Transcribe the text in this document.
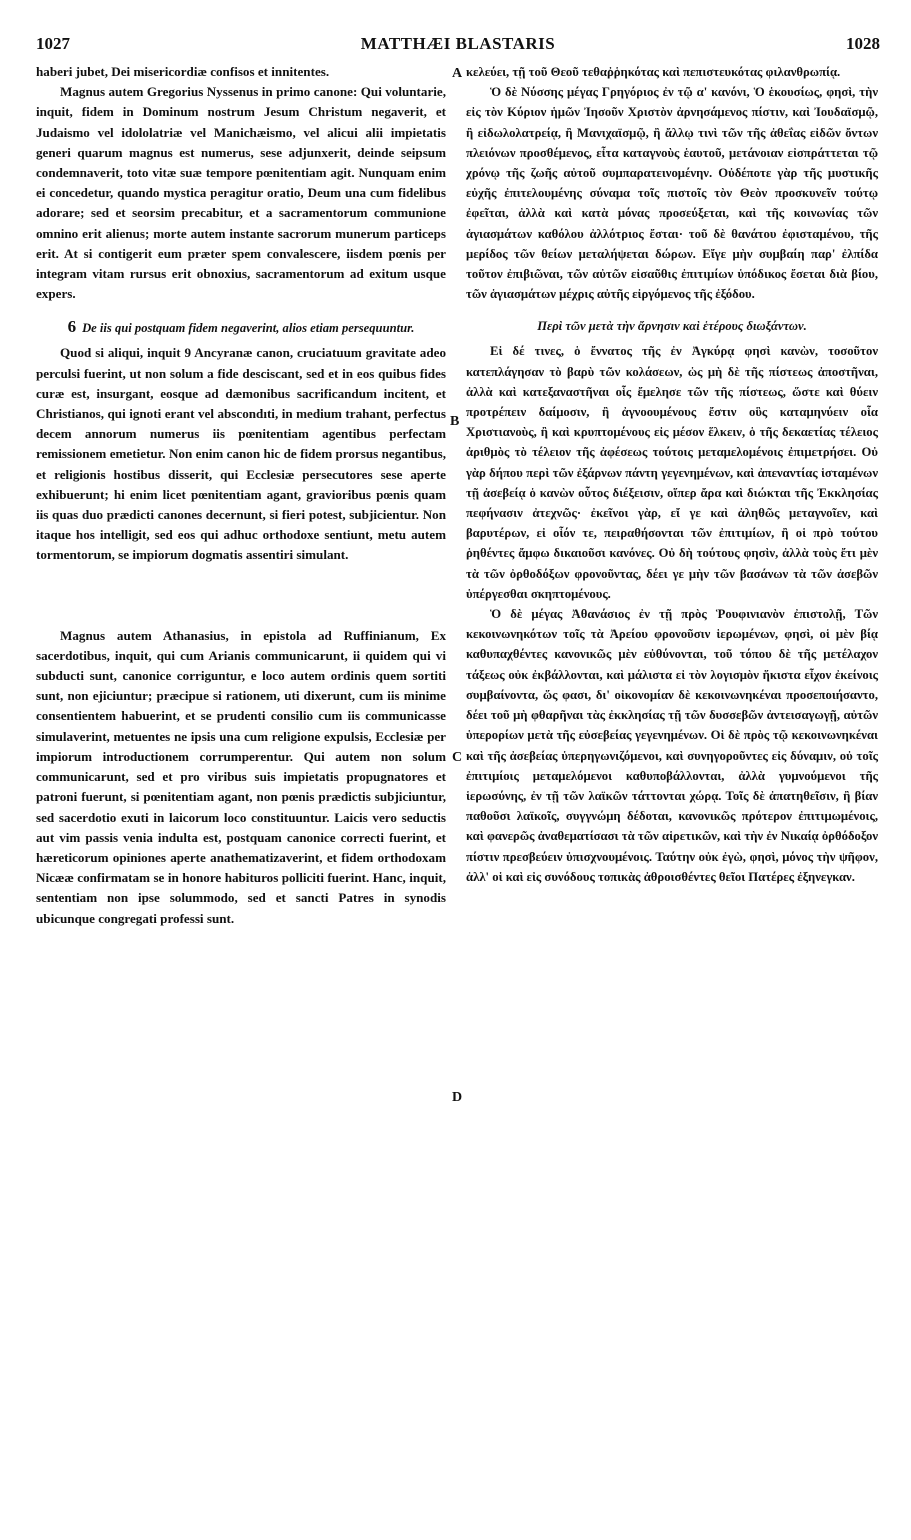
1027	MATTHÆI BLASTARIS	1028

haberi jubet, Dei misericordiæ confisos et innitentes.

Magnus autem Gregorius Nyssenus in primo canone: Qui voluntarie, inquit, fidem in Dominum nostrum Jesum Christum negaverit, et Judaismo vel idololatriæ vel Manichæismo, vel alicui alii impietatis generi quarum magnus est numerus, sese adjunxerit, deinde seipsum condemnaverit, toto vitæ suæ tempore pœnitentiam agit. Nunquam enim ei concedetur, quando mystica peragitur oratio, Deum una cum fidelibus adorare; sed et seorsim precabitur, et a sacramentorum communione omnino erit alienus; morte autem instante sacrorum munerum particeps erit. At si contigerit eum præter spem convalescere, iisdem pœnis per integram vitam rursus erit obnoxius, sacramentorum ad exitum usque expers.

6 De iis qui postquam fidem negaverint, alios etiam persequuntur.

Quod si aliqui, inquit 9 Ancyranæ canon, cruciatuum gravitate adeo perculsi fuerint, ut non solum a fide desciscant, sed et in eos quibus fides curæ est, insurgant, eosque ad dæmonibus sacrificandum incitent, et Christianos, qui ignoti erant vel abscondıti, in medium trahant, perfectus decem annorum numerus iis pœnitentiam agentibus perfectam remissionem emetietur. Non enim canon hic de fidem prorsus negantibus, et religionis hostibus disserit, qui Ecclesiæ persecutores sese aperte exhibuerunt; hi enim licet pœnitentiam agant, gravioribus pœnis quam iis quas duo prædicti canones decernunt, si fieri potest, subjicientur. Non itaque hos intelligit, sed eos qui adhuc orthodoxe sentiunt, metu autem tormentorum, se impiorum dogmatis assentiri simulant.

Magnus autem Athanasius, in epistola ad Ruffinianum, Ex sacerdotibus, inquit, qui cum Arianis communicarunt, ii quidem qui vi subducti sunt, canonice corriguntur, e loco autem ordinis quem sortiti sunt, non ejiciuntur; præcipue si rationem, uti dixerunt, cum iis minime consentientem habuerint, et se prudenti consilio cum iis communicasse simulaverint, metuentes ne ipsis una cum religione expulsis, Ecclesiæ per impiorum introductionem corrumperentur. Qui autem non solum communicarunt, sed et pro viribus suis impietatis propugnatores et patroni fuerunt, si pœnitentiam agant, non pœnis prædictis subjiciuntur, sed sacerdotio exuti in laicorum loco constituuntur. Laicis vero seductis aut vim passis venia indulta est, postquam canonice correcti fuerint, et hæreticorum opiniones aperte anathematizaverint, et fidem orthodoxam Nicææ confirmatam se in honore habituros polliciti fuerint. Hanc, inquit, sententiam non ipse solummodo, sed et sancti Patres in synodis ubicunque congregati professi sunt.

κελεύει, τῇ τοῦ Θεοῦ τεθαῤῥηκότας καὶ πεπιστευκότας φιλανθρωπίᾳ.

Ὁ δὲ Νύσσης μέγας Γρηγόριος ἐν τῷ α' κανόνι, Ὁ ἑκουσίως, φησὶ, τὴν εἰς τὸν Κύριον ἡμῶν Ἰησοῦν Χριστὸν ἀρνησάμενος πίστιν, καὶ Ἰουδαϊσμῷ, ἢ εἰδωλολατρείᾳ, ἢ Μανιχαϊσμῷ, ἢ ἄλλῳ τινὶ τῶν τῆς ἀθεΐας εἰδῶν ὄντων πλειόνων προσθέμενος, εἶτα καταγνοὺς ἑαυτοῦ, μετάνοιαν εἰσπράττεται τῷ χρόνῳ τῆς ζωῆς αὐτοῦ συμπαρατεινομένην. Οὐδέποτε γὰρ τῆς μυστικῆς εὐχῆς ἐπιτελουμένης σύναμα τοῖς πιστοῖς τὸν Θεὸν προσκυνεῖν τούτῳ ἐφεῖται, ἀλλὰ καὶ κατὰ μόνας προσεύξεται, καὶ τῆς κοινωνίας τῶν ἁγιασμάτων καθόλου ἀλλότριος ἔσται· τοῦ δὲ θανάτου ἐφισταμένου, τῆς μερίδος τῶν θείων μεταλήψεται δώρων. Εἴγε μὴν συμβαίη παρ' ἐλπίδα τοῦτον ἐπιβιῶναι, τῶν αὐτῶν εἰσαῦθις ἐπιτιμίων ὑπόδικος ἔσεται διὰ βίου, τῶν ἁγιασμάτων μέχρις αὐτῆς εἰργόμενος τῆς ἐξόδου.

Περὶ τῶν μετὰ τὴν ἄρνησιν καὶ ἑτέρους διωξάντων.

Εἰ δέ τινες, ὁ ἔννατος τῆς ἐν Ἀγκύρᾳ φησὶ κανὼν, τοσοῦτον κατεπλάγησαν τὸ βαρὺ τῶν κολάσεων, ὡς μὴ δὲ τῆς πίστεως ἀποστῆναι, ἀλλὰ καὶ κατεξαναστῆναι οἷς ἔμελησε τῶν τῆς πίστεως, ὥστε καὶ θύειν προτρέπειν δαίμοσιν, ἢ ἀγνοουμένους ἔστιν οὓς καταμηνύειν οἷα Χριστιανοὺς, ἢ καὶ κρυπτομένους εἰς μέσον ἕλκειν, ὁ τῆς δεκαετίας τέλειος ἀριθμὸς τὸ τέλειον τῆς ἀφέσεως τούτοις μεταμελομένοις ἐπιμετρήσει. Οὐ γὰρ δήπου περὶ τῶν ἐξάρνων πάντη γεγενημένων, καὶ ἀπεναντίας ἱσταμένων τῇ ἀσεβείᾳ ὁ κανὼν οὗτος διέξεισιν, οἵπερ ἄρα καὶ διώκται τῆς Ἐκκλησίας πεφήνασιν ἀτεχνῶς· ἐκεῖνοι γὰρ, εἴ γε καὶ ἀληθῶς μεταγνοῖεν, καὶ βαρυτέρων, εἰ οἷόν τε, πειραθήσονται τῶν ἐπιτιμίων, ἢ οἱ πρὸ τούτου ῥηθέντες ἄμφω δικαιοῦσι κανόνες. Οὐ δὴ τούτους φησὶν, ἀλλὰ τοὺς ἔτι μὲν τὰ τῶν ὀρθοδόξων φρονοῦντας, δέει γε μὴν τῶν βασάνων τὰ τῶν ἀσεβῶν ὑπέργεσθαι σκηπτομένους.

Ὁ δὲ μέγας Ἀθανάσιος ἐν τῇ πρὸς Ῥουφινιανὸν ἐπιστολῇ, Τῶν κεκοινωνηκότων τοῖς τὰ Ἀρείου φρονοῦσιν ἱερωμένων, φησὶ, οἱ μὲν βίᾳ καθυπαχθέντες κανονικῶς μὲν εὐθύνονται, τοῦ τόπου δὲ τῆς μετέλαχον τάξεως οὐκ ἐκβάλλονται, καὶ μάλιστα εἰ τὸν λογισμὸν ἥκιστα εἶχον ἐκείνοις συμβαίνοντα, ὥς φασι, δι' οἰκονομίαν δὲ κεκοινωνηκέναι προσεποιήσαντο, δέει τοῦ μὴ φθαρῆναι τὰς ἐκκλησίας τῇ τῶν δυσσεβῶν ἀντεισαγωγῇ, αὐτῶν ὑπερορίων μετὰ τῆς εὐσεβείας γεγενημένων. Οἱ δὲ πρὸς τῷ κεκοινωνηκέναι καὶ τῆς ἀσεβείας ὑπερηγωνιζόμενοι, καὶ συνηγοροῦντες εἰς δύναμιν, οὐ τοῖς ἐπιτιμίοις μεταμελόμενοι καθυποβάλλονται, ἀλλὰ γυμνούμενοι τῆς ἱερωσύνης, ἐν τῇ τῶν λαϊκῶν τάττονται χώρᾳ. Τοῖς δὲ ἀπατηθεῖσιν, ἢ βίαν παθοῦσι λαϊκοῖς, συγγνώμη δέδοται, κανονικῶς πρότερον ἐπιτιμωμένοις, καὶ φανερῶς ἀναθεματίσασι τὰ τῶν αἱρετικῶν, καὶ τὴν ἐν Νικαίᾳ ὀρθόδοξον πίστιν πρεσβεύειν ὑπισχνουμένοις. Ταύτην οὐκ ἐγὼ, φησὶ, μόνος τὴν ψῆφον, ἀλλ' οἱ καὶ εἰς συνόδους τοπικὰς ἀθροισθέντες θεῖοι Πατέρες ἐξηνεγκαν.

A
B
C
D
